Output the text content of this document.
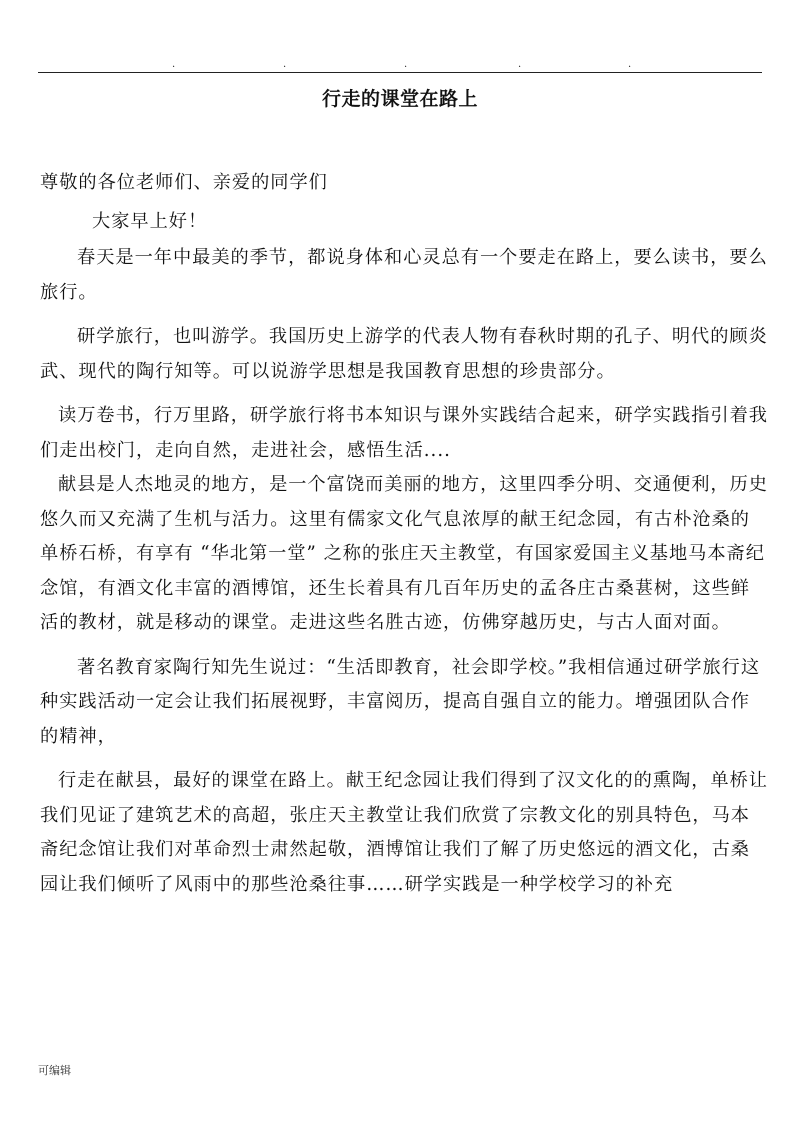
.	.	.	.	.
行走的课堂在路上

尊敬的各位老师们、亲爱的同学们

大家早上好！

春天是一年中最美的季节，都说身体和心灵总有一个要走在路上，要么读书，要么旅行。

研学旅行，也叫游学。我国历史上游学的代表人物有春秋时期的孔子、明代的顾炎武、现代的陶行知等。可以说游学思想是我国教育思想的珍贵部分。

读万卷书，行万里路，研学旅行将书本知识与课外实践结合起来，研学实践指引着我们走出校门，走向自然，走进社会，感悟生活....

献县是人杰地灵的地方，是一个富饶而美丽的地方，这里四季分明、交通便利，历史悠久而又充满了生机与活力。这里有儒家文化气息浓厚的献王纪念园，有古朴沧桑的单桥石桥，有享有 “华北第一堂” 之称的张庄天主教堂，有国家爱国主义基地马本斋纪念馆，有酒文化丰富的酒博馆，还生长着具有几百年历史的孟各庄古桑葚树，这些鲜活的教材，就是移动的课堂。走进这些名胜古迹，仿佛穿越历史，与古人面对面。

著名教育家陶行知先生说过：“生活即教育，社会即学校。”我相信通过研学旅行这种实践活动一定会让我们拓展视野，丰富阅历，提高自强自立的能力。增强团队合作的精神，

行走在献县，最好的课堂在路上。献王纪念园让我们得到了汉文化的的熏陶，单桥让我们见证了建筑艺术的高超，张庄天主教堂让我们欣赏了宗教文化的别具特色，马本斋纪念馆让我们对革命烈士肃然起敬，酒博馆让我们了解了历史悠远的酒文化，古桑园让我们倾听了风雨中的那些沧桑往事……研学实践是一种学校学习的补充

可编辑
